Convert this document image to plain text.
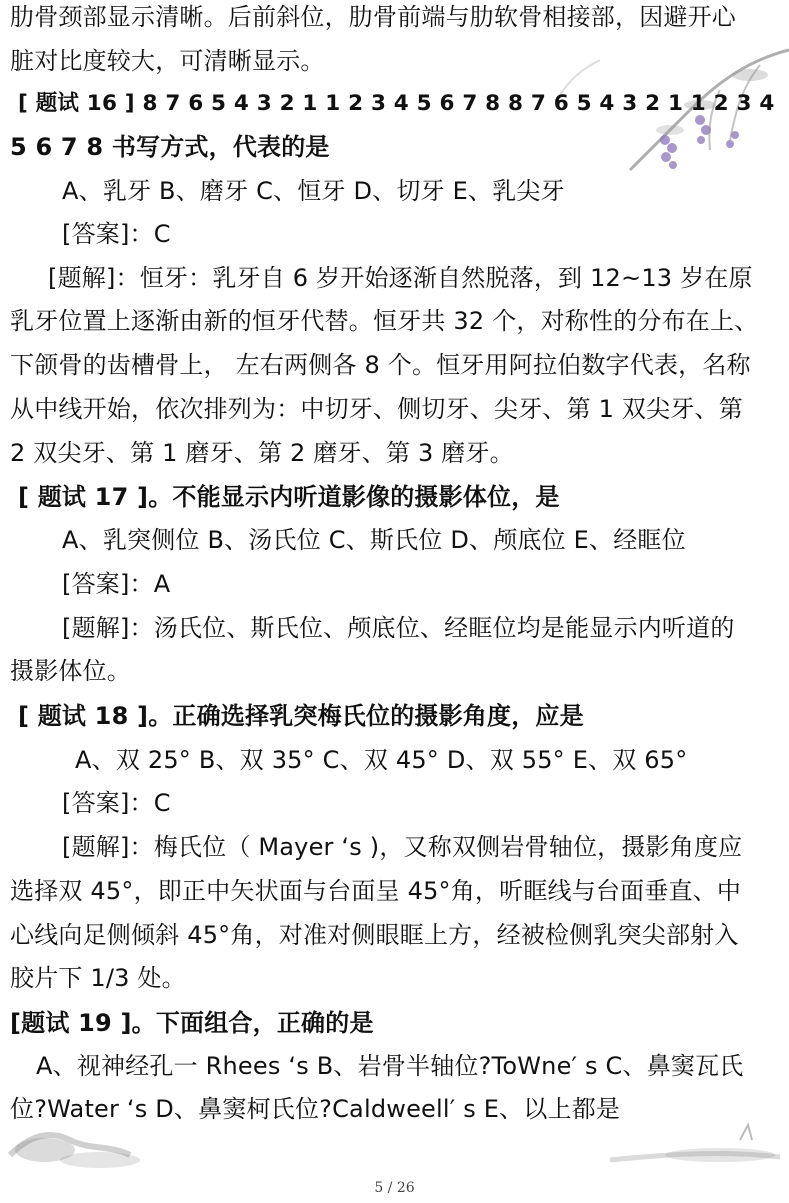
肋骨颈部显示清晰。后前斜位，肋骨前端与肋软骨相接部，因避开心
脏对比度较大，可清晰显示。
[ 题试 16 ] 8 7 6 5 4 3 2 1 1 2 3 4 5 6 7 8 8 7 6 5 4 3 2 1 1 2 3 4
5 6 7 8 书写方式，代表的是
A、乳牙 B、磨牙 C、恒牙 D、切牙 E、乳尖牙
[答案]：C
[题解]：恒牙：乳牙自 6 岁开始逐渐自然脱落，到 12~13 岁在原
乳牙位置上逐渐由新的恒牙代替。恒牙共 32 个，对称性的分布在上、
下颌骨的齿槽骨上， 左右两侧各 8 个。恒牙用阿拉伯数字代表，名称
从中线开始，依次排列为：中切牙、侧切牙、尖牙、第 1 双尖牙、第
2 双尖牙、第 1 磨牙、第 2 磨牙、第 3 磨牙。
[ 题试 17 ]。不能显示内听道影像的摄影体位，是
A、乳突侧位 B、汤氏位 C、斯氏位 D、颅底位 E、经眶位
[答案]：A
[题解]：汤氏位、斯氏位、颅底位、经眶位均是能显示内听道的
摄影体位。
[ 题试 18 ]。正确选择乳突梅氏位的摄影角度，应是
A、双 25° B、双 35° C、双 45° D、双 55° E、双 65°
[答案]：C
[题解]：梅氏位（ Mayer ‘s )，又称双侧岩骨轴位，摄影角度应
选择双 45°，即正中矢状面与台面呈 45°角，听眶线与台面垂直、中
心线向足侧倾斜 45°角，对准对侧眼眶上方，经被检侧乳突尖部射入
胶片下 1/3 处。
[题试 19 ]。下面组合，正确的是
A、视神经孔一 Rhees ‘s B、岩骨半轴位?ToWne′ s C、鼻窦瓦氏
位?Water ‘s D、鼻窦柯氏位?Caldweell′ s E、以上都是
5 / 26
